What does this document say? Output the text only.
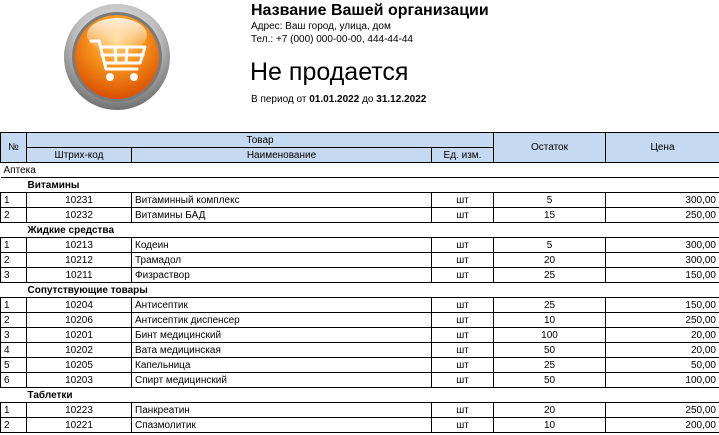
Название Вашей организации
Адрес: Ваш город, улица, дом
Тел.: +7 (000) 000-00-00, 444-44-44
Не продается
В период от 01.01.2022 до 31.12.2022
№	Товар			Остаток	Цена
	Штрих-код	Наименование	Ед. изм.		
Аптека					
Витамины					
1	10231	Витаминный комплекс	шт	5	300,00
2	10232	Витамины БАД	шт	15	250,00
Жидкие средства					
1	10213	Кодеин	шт	5	300,00
2	10212	Трамадол	шт	20	300,00
3	10211	Физраствор	шт	25	150,00
Сопутствующие товары					
1	10204	Антисептик	шт	25	150,00
2	10206	Антисептик диспенсер	шт	10	250,00
3	10201	Бинт медицинский	шт	100	20,00
4	10202	Вата медицинская	шт	50	20,00
5	10205	Капельница	шт	25	50,00
6	10203	Спирт медицинский	шт	50	100,00
Таблетки					
1	10223	Панкреатин	шт	20	250,00
2	10221	Спазмолитик	шт	10	200,00
